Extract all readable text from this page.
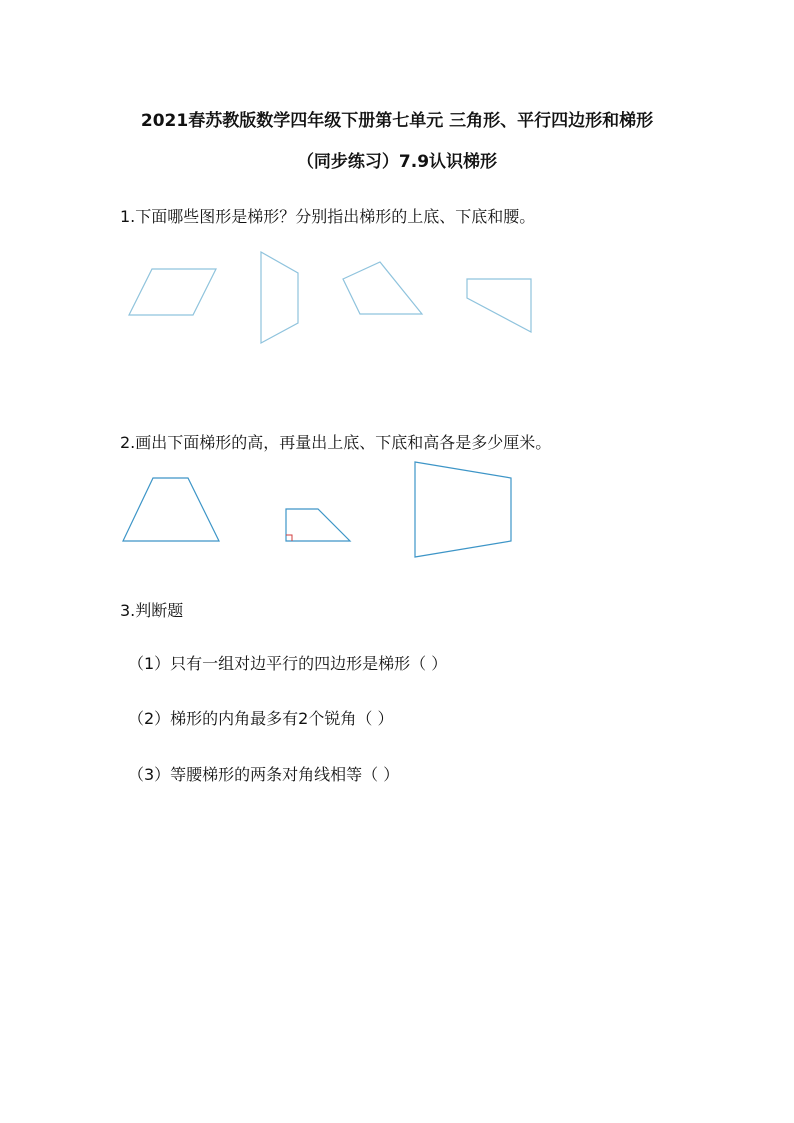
2021春苏教版数学四年级下册第七单元 三角形、平行四边形和梯形
（同步练习）7.9认识梯形
1.下面哪些图形是梯形？分别指出梯形的上底、下底和腰。
2.画出下面梯形的高，再量出上底、下底和高各是多少厘米。
3.判断题
（1）只有一组对边平行的四边形是梯形（ ）
（2）梯形的内角最多有2个锐角（ ）
（3）等腰梯形的两条对角线相等（ ）
